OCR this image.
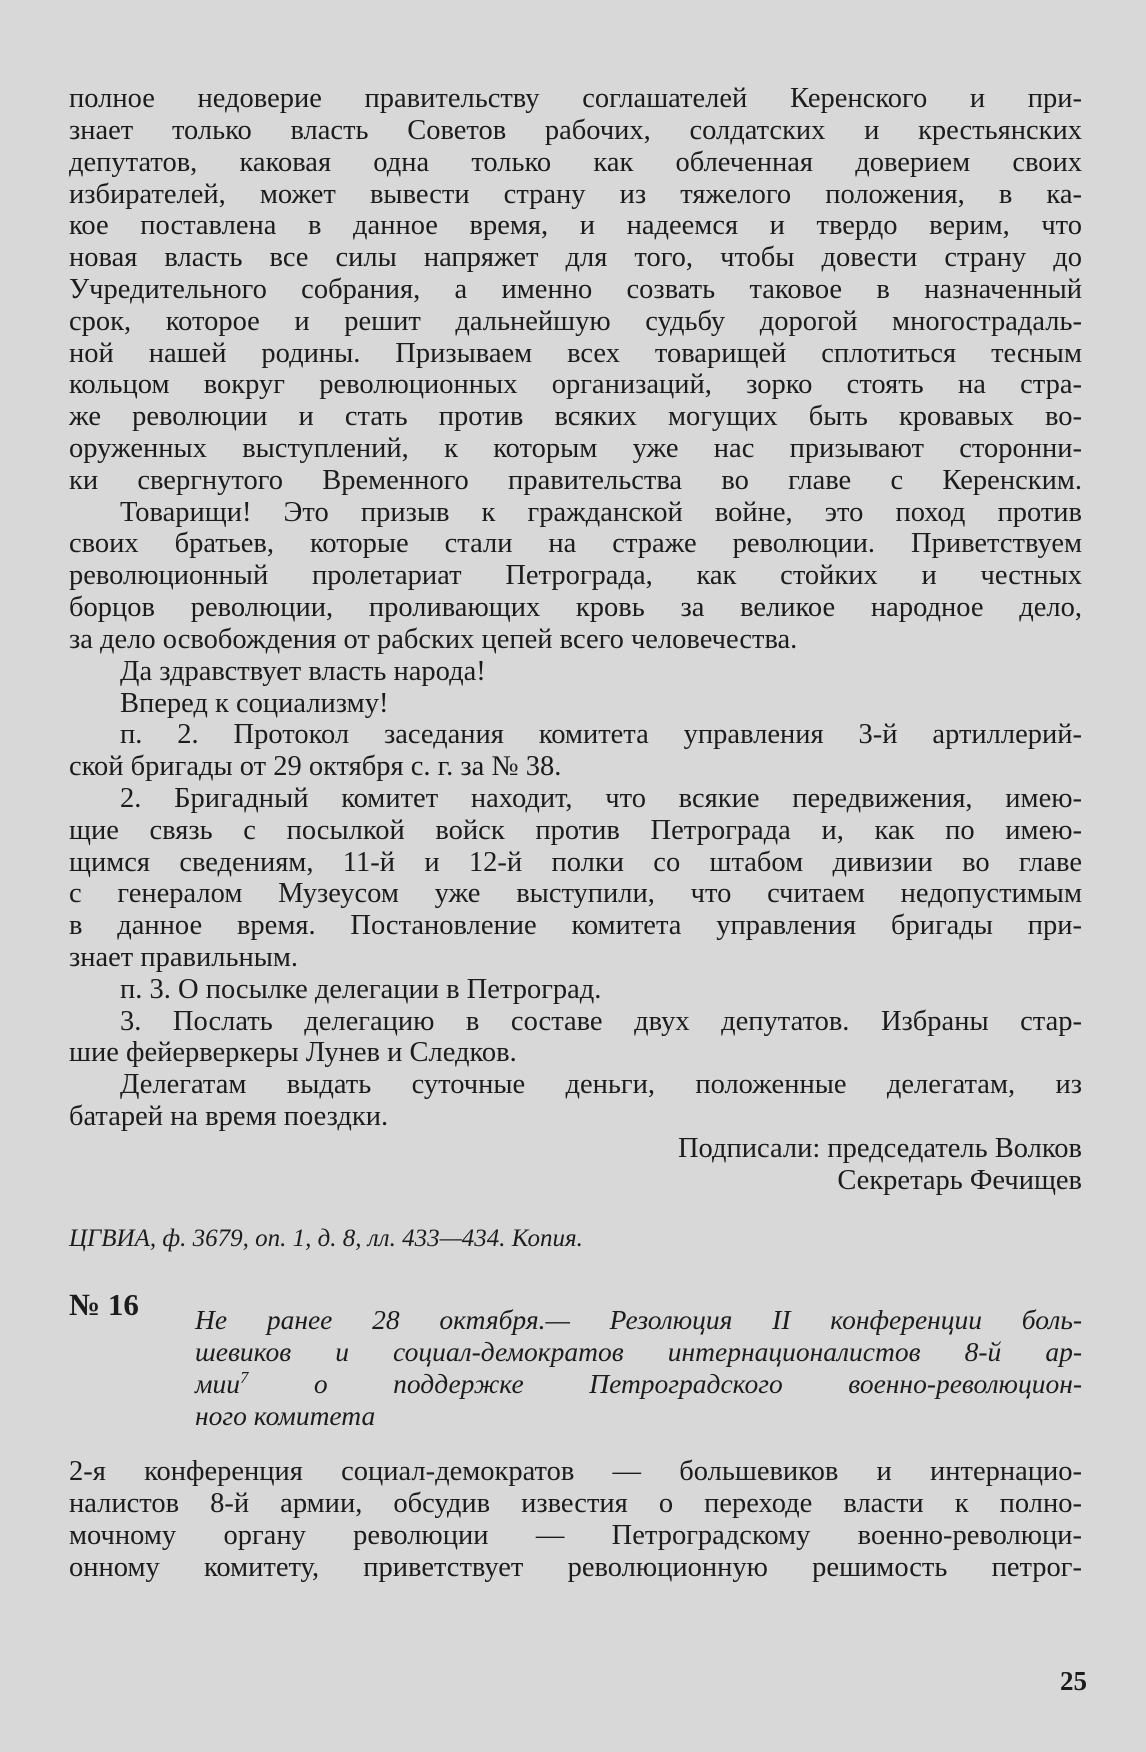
полное недоверие правительству соглашателей Керенского и при-
знает только власть Советов рабочих, солдатских и крестьянских
депутатов, каковая одна только как облеченная доверием своих
избирателей, может вывести страну из тяжелого положения, в ка-
кое поставлена в данное время, и надеемся и твердо верим, что
новая власть все силы напряжет для того, чтобы довести страну до
Учредительного собрания, а именно созвать таковое в назначенный
срок, которое и решит дальнейшую судьбу дорогой многострадаль-
ной нашей родины. Призываем всех товарищей сплотиться тесным
кольцом вокруг революционных организаций, зорко стоять на стра-
же революции и стать против всяких могущих быть кровавых во-
оруженных выступлений, к которым уже нас призывают сторонни-
ки свергнутого Временного правительства во главе с Керенским.
Товарищи! Это призыв к гражданской войне, это поход против
своих братьев, которые стали на страже революции. Приветствуем
революционный пролетариат Петрограда, как стойких и честных
борцов революции, проливающих кровь за великое народное дело,
за дело освобождения от рабских цепей всего человечества.
Да здравствует власть народа!
Вперед к социализму!
п. 2. Протокол заседания комитета управления 3-й артиллерий-
ской бригады от 29 октября с. г. за № 38.
2. Бригадный комитет находит, что всякие передвижения, имею-
щие связь с посылкой войск против Петрограда и, как по имею-
щимся сведениям, 11-й и 12-й полки со штабом дивизии во главе
с генералом Музеусом уже выступили, что считаем недопустимым
в данное время. Постановление комитета управления бригады при-
знает правильным.
п. 3. О посылке делегации в Петроград.
3. Послать делегацию в составе двух депутатов. Избраны стар-
шие фейерверкеры Лунев и Следков.
Делегатам выдать суточные деньги, положенные делегатам, из
батарей на время поездки.
Подписали: председатель Волков
Секретарь Фечищев
ЦГВИА, ф. 3679, оп. 1, д. 8, лл. 433—434. Копия.
№ 16 Не ранее 28 октября.— Резолюция II конференции боль-
шевиков и социал-демократов интернационалистов 8-й ар-
мии$^7$ о поддержке Петроградского военно-революцион-
ного комитета
2-я конференция социал-демократов — большевиков и интернацио-
налистов 8-й армии, обсудив известия о переходе власти к полно-
мочному органу революции — Петроградскому военно-революци-
онному комитету, приветствует революционную решимость петрог-
25
